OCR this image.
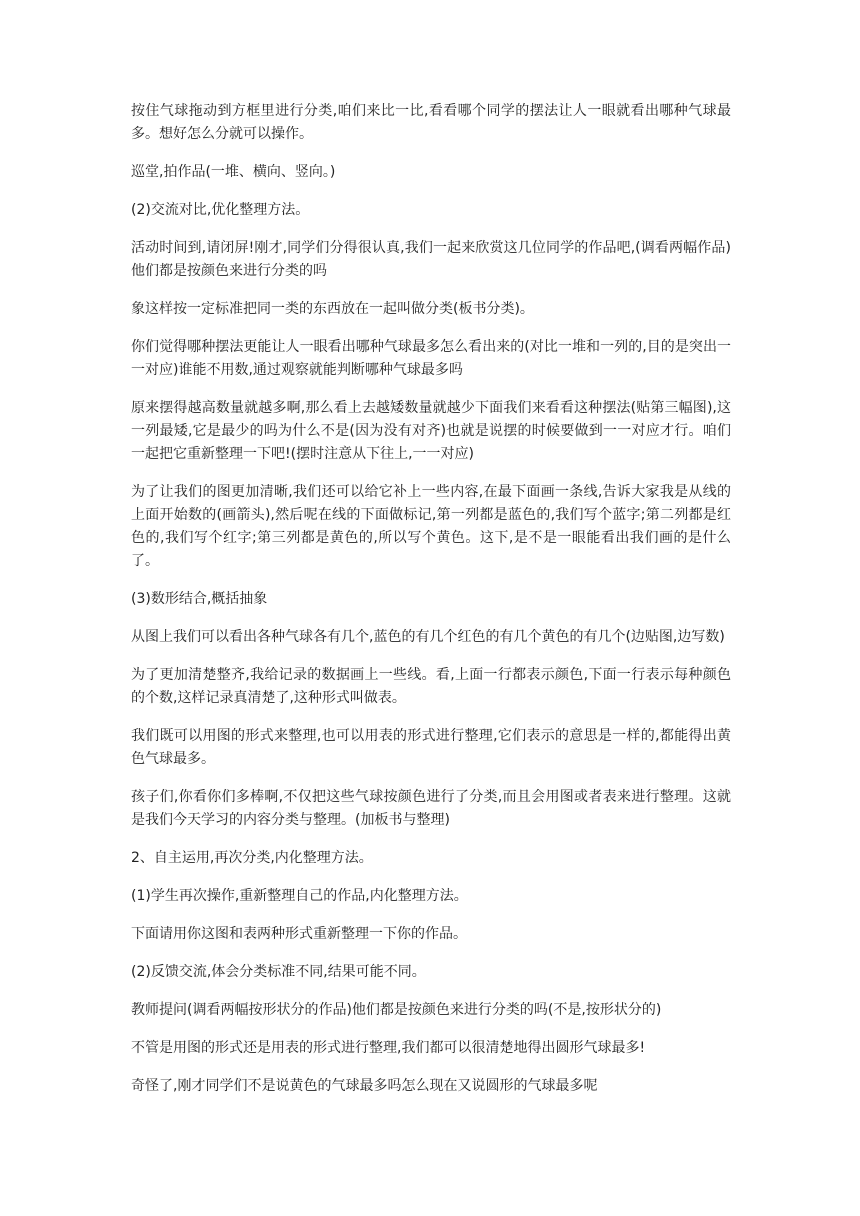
按住气球拖动到方框里进行分类,咱们来比一比,看看哪个同学的摆法让人一眼就看出哪种气球最多。想好怎么分就可以操作。

巡堂,拍作品(一堆、横向、竖向。)

(2)交流对比,优化整理方法。

活动时间到,请闭屏!刚才,同学们分得很认真,我们一起来欣赏这几位同学的作品吧,(调看两幅作品)他们都是按颜色来进行分类的吗

象这样按一定标准把同一类的东西放在一起叫做分类(板书分类)。

你们觉得哪种摆法更能让人一眼看出哪种气球最多怎么看出来的(对比一堆和一列的,目的是突出一一对应)谁能不用数,通过观察就能判断哪种气球最多吗

原来摆得越高数量就越多啊,那么看上去越矮数量就越少下面我们来看看这种摆法(贴第三幅图),这一列最矮,它是最少的吗为什么不是(因为没有对齐)也就是说摆的时候要做到一一对应才行。咱们一起把它重新整理一下吧!(摆时注意从下往上,一一对应)

为了让我们的图更加清晰,我们还可以给它补上一些内容,在最下面画一条线,告诉大家我是从线的上面开始数的(画箭头),然后呢在线的下面做标记,第一列都是蓝色的,我们写个蓝字;第二列都是红色的,我们写个红字;第三列都是黄色的,所以写个黄色。这下,是不是一眼能看出我们画的是什么了。

(3)数形结合,概括抽象

从图上我们可以看出各种气球各有几个,蓝色的有几个红色的有几个黄色的有几个(边贴图,边写数)

为了更加清楚整齐,我给记录的数据画上一些线。看,上面一行都表示颜色,下面一行表示每种颜色的个数,这样记录真清楚了,这种形式叫做表。

我们既可以用图的形式来整理,也可以用表的形式进行整理,它们表示的意思是一样的,都能得出黄色气球最多。

孩子们,你看你们多棒啊,不仅把这些气球按颜色进行了分类,而且会用图或者表来进行整理。这就是我们今天学习的内容分类与整理。(加板书与整理)

2、自主运用,再次分类,内化整理方法。

(1)学生再次操作,重新整理自己的作品,内化整理方法。

下面请用你这图和表两种形式重新整理一下你的作品。

(2)反馈交流,体会分类标准不同,结果可能不同。

教师提问(调看两幅按形状分的作品)他们都是按颜色来进行分类的吗(不是,按形状分的)

不管是用图的形式还是用表的形式进行整理,我们都可以很清楚地得出圆形气球最多!

奇怪了,刚才同学们不是说黄色的气球最多吗怎么现在又说圆形的气球最多呢
